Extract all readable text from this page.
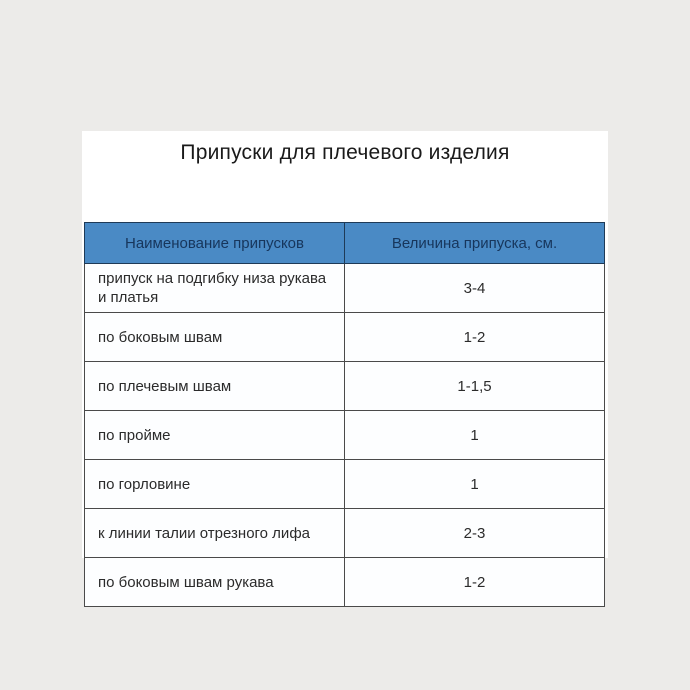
Припуски для плечевого изделия
Наименование припусков	Величина припуска, см.
припуск на подгибку низа рукава и платья	3-4
по боковым швам	1-2
по плечевым швам	1-1,5
по пройме	1
по горловине	1
к линии талии отрезного лифа	2-3
по боковым швам рукава	1-2
